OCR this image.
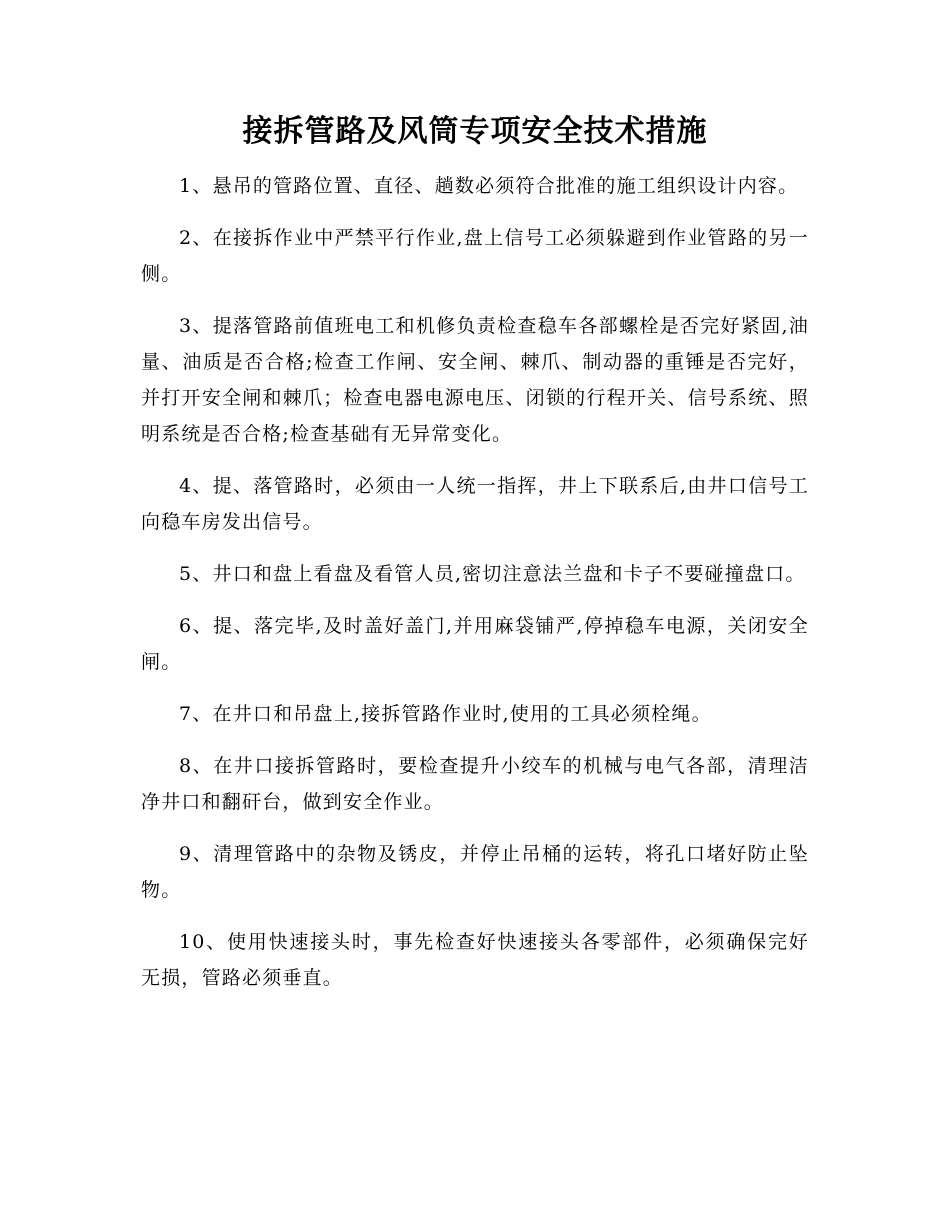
接拆管路及风筒专项安全技术措施

1、悬吊的管路位置、直径、趟数必须符合批准的施工组织设计内容。

2、在接拆作业中严禁平行作业,盘上信号工必须躲避到作业管路的另一侧。

3、提落管路前值班电工和机修负责检查稳车各部螺栓是否完好紧固,油量、油质是否合格;检查工作闸、安全闸、棘爪、制动器的重锤是否完好，并打开安全闸和棘爪；检查电器电源电压、闭锁的行程开关、信号系统、照明系统是否合格;检查基础有无异常变化。

4、提、落管路时，必须由一人统一指挥，井上下联系后,由井口信号工向稳车房发出信号。

5、井口和盘上看盘及看管人员,密切注意法兰盘和卡子不要碰撞盘口。

6、提、落完毕,及时盖好盖门,并用麻袋铺严,停掉稳车电源，关闭安全闸。

7、在井口和吊盘上,接拆管路作业时,使用的工具必须栓绳。

8、在井口接拆管路时，要检查提升小绞车的机械与电气各部，清理洁净井口和翻矸台，做到安全作业。

9、清理管路中的杂物及锈皮，并停止吊桶的运转，将孔口堵好防止坠物。

10、使用快速接头时，事先检查好快速接头各零部件，必须确保完好无损，管路必须垂直。
